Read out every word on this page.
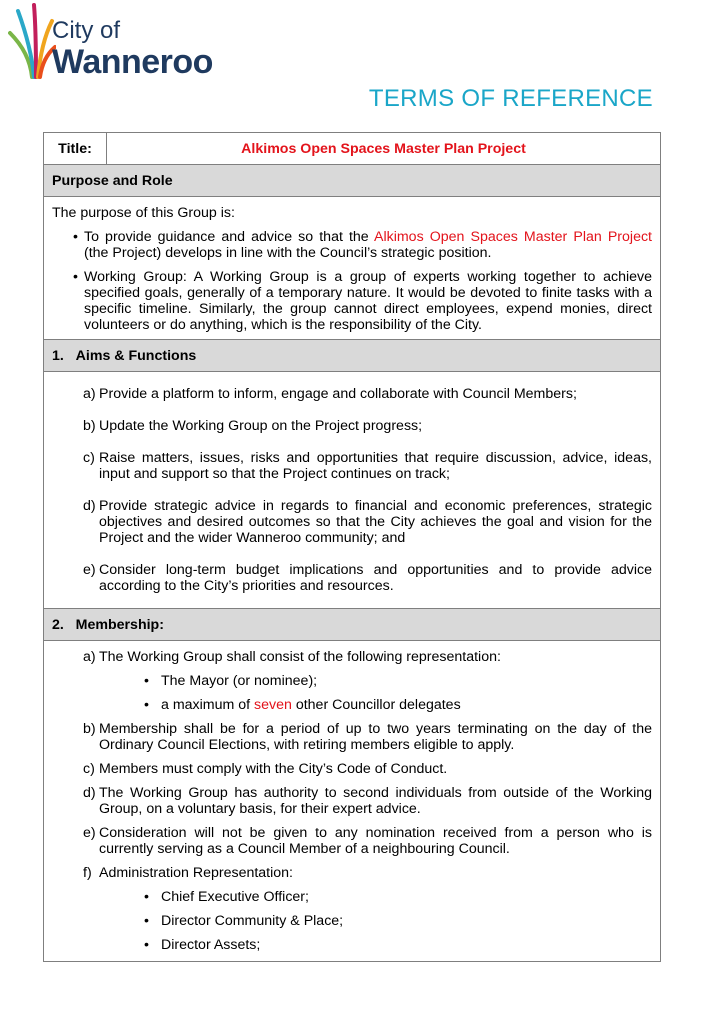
City of
Wanneroo
TERMS OF REFERENCE
Title:	Alkimos Open Spaces Master Plan Project
Purpose and Role

The purpose of this Group is:
• To provide guidance and advice so that the Alkimos Open Spaces Master Plan Project (the Project) develops in line with the Council’s strategic position.
• Working Group: A Working Group is a group of experts working together to achieve specified goals, generally of a temporary nature. It would be devoted to finite tasks with a specific timeline. Similarly, the group cannot direct employees, expend monies, direct volunteers or do anything, which is the responsibility of the City.

1.   Aims & Functions

a) Provide a platform to inform, engage and collaborate with Council Members;
b) Update the Working Group on the Project progress;
c) Raise matters, issues, risks and opportunities that require discussion, advice, ideas, input and support so that the Project continues on track;
d) Provide strategic advice in regards to financial and economic preferences, strategic objectives and desired outcomes so that the City achieves the goal and vision for the Project and the wider Wanneroo community; and
e) Consider long-term budget implications and opportunities and to provide advice according to the City’s priorities and resources.

2.   Membership:

a) The Working Group shall consist of the following representation:
• The Mayor (or nominee);
• a maximum of seven other Councillor delegates
b) Membership shall be for a period of up to two years terminating on the day of the Ordinary Council Elections, with retiring members eligible to apply.
c) Members must comply with the City’s Code of Conduct.
d) The Working Group has authority to second individuals from outside of the Working Group, on a voluntary basis, for their expert advice.
e) Consideration will not be given to any nomination received from a person who is currently serving as a Council Member of a neighbouring Council.
f) Administration Representation:
• Chief Executive Officer;
• Director Community & Place;
• Director Assets;
